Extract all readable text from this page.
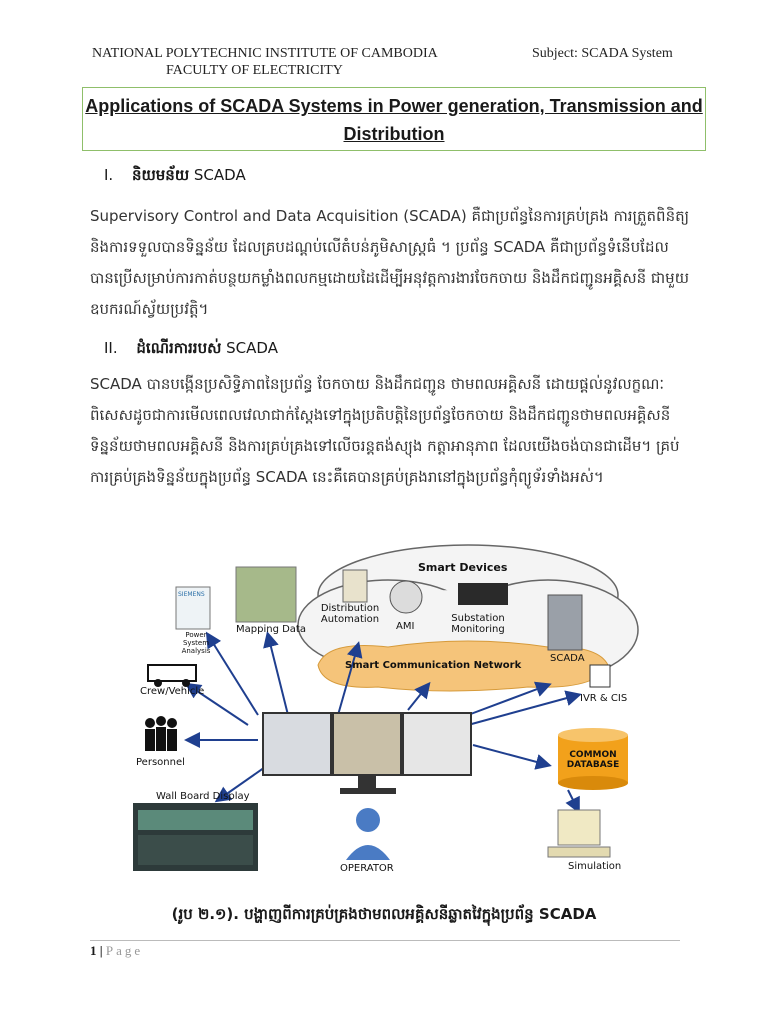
NATIONAL POLYTECHNIC INSTITUTE OF CAMBODIA
FACULTY OF ELECTRICITY
Subject: SCADA System
Applications of SCADA Systems in Power generation, Transmission and
Distribution
I. និយមន័យ SCADA
Supervisory Control and Data Acquisition (SCADA) គឺជាប្រព័ន្ធនៃការគ្រប់គ្រង ការត្រួតពិនិត្យនិងការទទួលបានទិន្នន័យ ដែលគ្របដណ្ដប់លើតំបន់ភូមិសាស្ត្រធំ ។ ប្រព័ន្ធ SCADA គឺជាប្រព័ន្ធទំនើបដែលបានប្រើសម្រាប់ការកាត់បន្ថយកម្លាំងពលកម្មដោយដៃដើម្បីអនុវត្តការងារចែកចាយ និងដឹកជញ្ជូនអគ្គិសនី ជាមួយឧបករណ៍ស្វ័យប្រវត្តិ។
II. ដំណើរការរបស់ SCADA
SCADA បានបង្កើនប្រសិទ្ធិភាពនៃប្រព័ន្ធ ចែកចាយ និងដឹកជញ្ជូន ថាមពលអគ្គិសនី ដោយផ្តល់នូវលក្ខណៈពិសេសដូចជាការមើលពេលវេលាជាក់ស្តែងទៅក្នុងប្រតិបត្តិនៃប្រព័ន្ធចែកចាយ និងដឹកជញ្ជូនថាមពលអគ្គិសនី ទិន្នន័យថាមពលអគ្គិសនី និងការគ្រប់គ្រងទៅលើចរន្តតង់ស្យុង កត្តាអានុភាព ដែលយើងចង់បានជាដើម។ គ្រប់ការគ្រប់គ្រងទិន្នន័យក្នុងប្រព័ន្ធ SCADA នេះគឺគេបានគ្រប់គ្រងរានៅក្នុងប្រព័ន្ធកុំព្យូទ័រទាំងអស់។
Smart Devices
Smart Communication Network
Distribution Automation
AMI
Substation Monitoring
SCADA
IVR & CIS
SIEMENS
Power System Analysis
Mapping Data
Crew/Vehicle
Personnel
Wall Board Display
COMMON DATABASE
OPERATOR	Simulation
(រូប ២.១). បង្ហាញពីការគ្រប់គ្រងថាមពលអគ្គិសនីឆ្លាតវៃក្នុងប្រព័ន្ធ SCADA
1 | Page
